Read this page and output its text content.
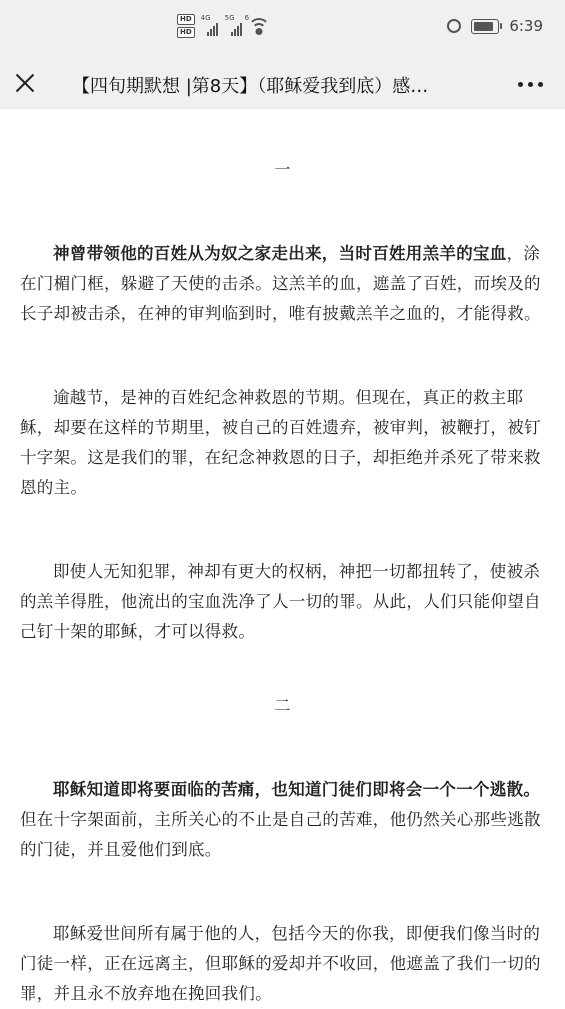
HD
HD
4G 5G 6	6:39
【四旬期默想 |第8天】（耶稣爱我到底）感…
一

神曾带领他的百姓从为奴之家走出来，当时百姓用羔羊的宝血，涂在门楣门框，躲避了天使的击杀。这羔羊的血，遮盖了百姓，而埃及的长子却被击杀，在神的审判临到时，唯有披戴羔羊之血的，才能得救。

逾越节，是神的百姓纪念神救恩的节期。但现在，真正的救主耶稣，却要在这样的节期里，被自己的百姓遗弃，被审判，被鞭打，被钉十字架。这是我们的罪，在纪念神救恩的日子，却拒绝并杀死了带来救恩的主。

即使人无知犯罪，神却有更大的权柄，神把一切都扭转了，使被杀的羔羊得胜，他流出的宝血洗净了人一切的罪。从此，人们只能仰望自己钉十架的耶稣，才可以得救。

二

耶稣知道即将要面临的苦痛，也知道门徒们即将会一个一个逃散。但在十字架面前，主所关心的不止是自己的苦难，他仍然关心那些逃散的门徒，并且爱他们到底。

耶稣爱世间所有属于他的人，包括今天的你我，即便我们像当时的门徒一样，正在远离主，但耶稣的爱却并不收回，他遮盖了我们一切的罪，并且永不放弃地在挽回我们。
